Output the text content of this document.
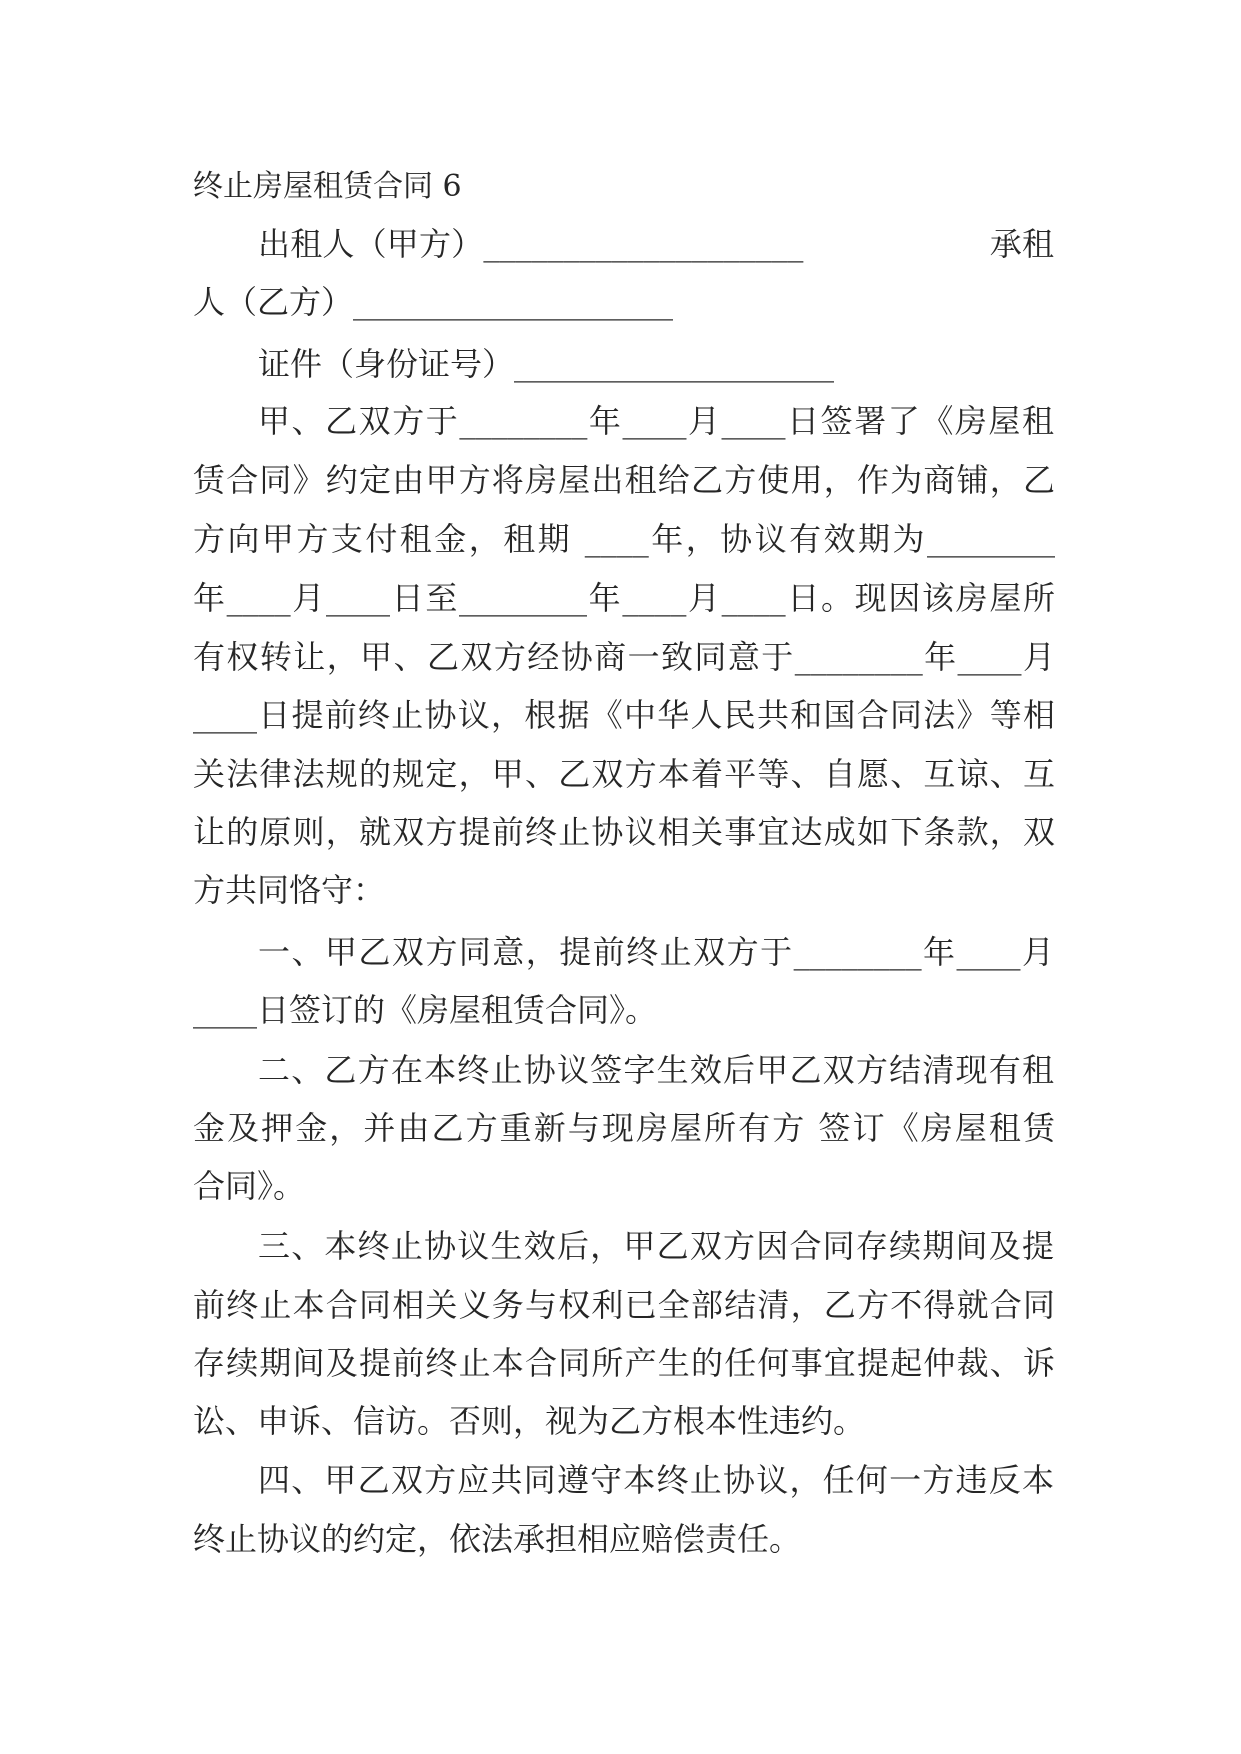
终止房屋租赁合同 6
出租人（甲方）____________________                  承租
人（乙方）____________________
证件（身份证号）____________________
甲、乙双方于________年____月____日签署了《房屋租
赁合同》约定由甲方将房屋出租给乙方使用，作为商铺，乙
方向甲方支付租金，租期 ____年，协议有效期为________
年____月____日至________年____月____日。现因该房屋所
有权转让，甲、乙双方经协商一致同意于________年____月
____日提前终止协议，根据《中华人民共和国合同法》等相
关法律法规的规定，甲、乙双方本着平等、自愿、互谅、互
让的原则，就双方提前终止协议相关事宜达成如下条款，双
方共同恪守：
一、甲乙双方同意，提前终止双方于________年____月
____日签订的《房屋租赁合同》。
二、乙方在本终止协议签字生效后甲乙双方结清现有租
金及押金，并由乙方重新与现房屋所有方 签订《房屋租赁
合同》。
三、本终止协议生效后，甲乙双方因合同存续期间及提
前终止本合同相关义务与权利已全部结清，乙方不得就合同
存续期间及提前终止本合同所产生的任何事宜提起仲裁、诉
讼、申诉、信访。否则，视为乙方根本性违约。
四、甲乙双方应共同遵守本终止协议，任何一方违反本
终止协议的约定，依法承担相应赔偿责任。
